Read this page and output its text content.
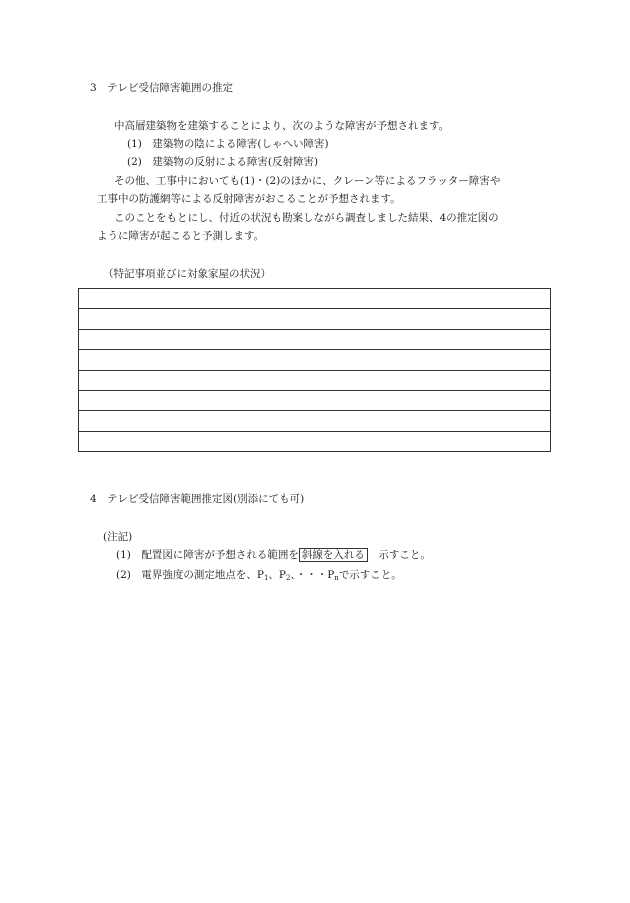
3　テレビ受信障害範囲の推定
中高層建築物を建築することにより、次のような障害が予想されます。
(1)　建築物の陰による障害(しゃへい障害)
(2)　建築物の反射による障害(反射障害)
その他、工事中においても(1)・(2)のほかに、クレーン等によるフラッター障害や
工事中の防護網等による反射障害がおこることが予想されます。
このことをもとにし、付近の状況も勘案しながら調査しました結果、4の推定図の
ように障害が起こると予測します。
（特記事項並びに対象家屋の状況）

4　テレビ受信障害範囲推定図(別添にても可)
(注記)
(1)　配置図に障害が予想される範囲を 斜線を入れる　示すこと。
(2)　電界強度の測定地点を、$P_1$、$P_2$、・・・$P_n$で示すこと。
